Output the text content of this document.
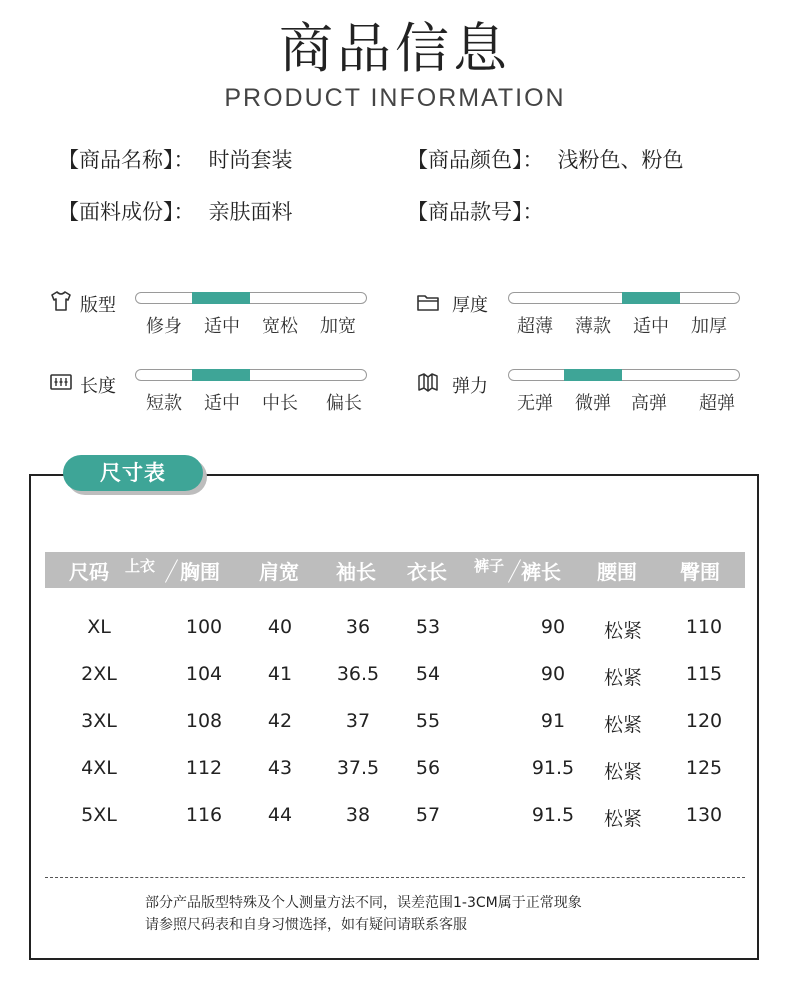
商品信息
PRODUCT INFORMATION
【商品名称】： 时尚套装	【商品颜色】： 浅粉色、粉色
【面料成份】： 亲肤面料	【商品款号】：
版型
修身	适中	宽松	加宽
厚度
超薄	薄款	适中	加厚
长度
短款	适中	中长	偏长
弹力
无弹	微弹	高弹	超弹
尺寸表
尺码	上衣	胸围	肩宽	袖长	衣长	裤子 裤长	腰围	臀围
XL	100	40	36	53	90	松紧	110
2XL	104	41	36.5	54	90	松紧	115
3XL	108	42	37	55	91	松紧	120
4XL	112	43	37.5	56	91.5	松紧	125
5XL	116	44	38	57	91.5	松紧	130
部分产品版型特殊及个人测量方法不同，误差范围1-3CM属于正常现象
请参照尺码表和自身习惯选择，如有疑问请联系客服
